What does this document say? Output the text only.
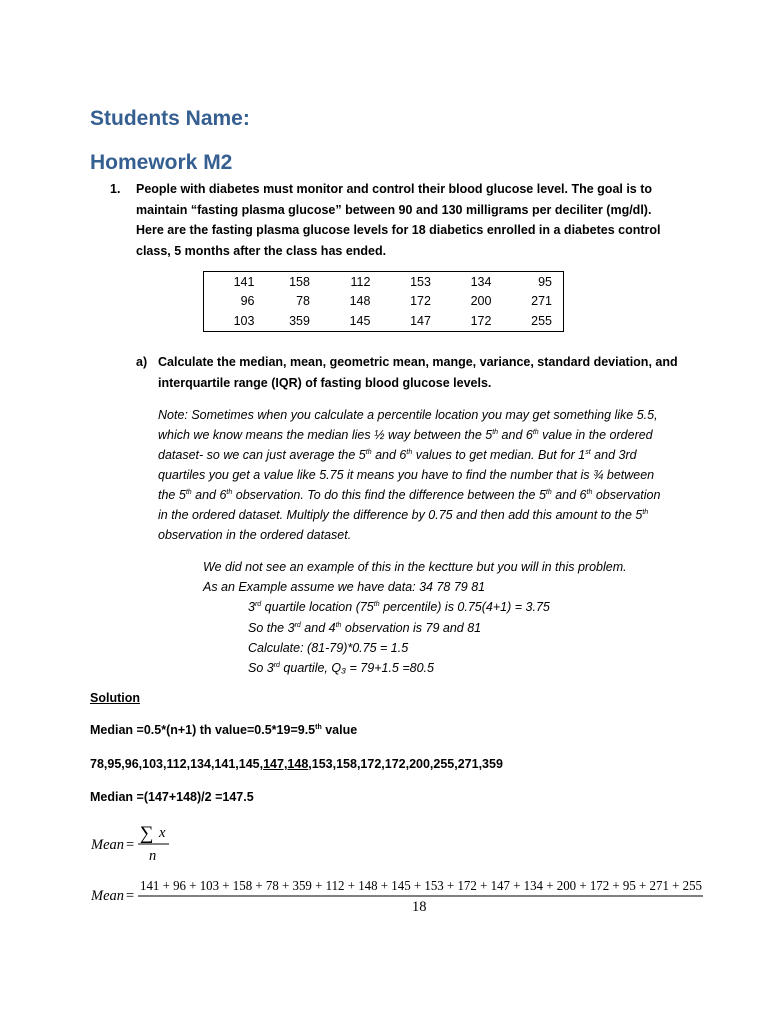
Students Name:
Homework M2
1. People with diabetes must monitor and control their blood glucose level. The goal is to maintain “fasting plasma glucose” between 90 and 130 milligrams per deciliter (mg/dl). Here are the fasting plasma glucose levels for 18 diabetics enrolled in a diabetes control class, 5 months after the class has ended.
141	158	112	153	134	95
96	78	148	172	200	271
103	359	145	147	172	255
a) Calculate the median, mean, geometric mean, mange, variance, standard deviation, and interquartile range (IQR) of fasting blood glucose levels.
Note: Sometimes when you calculate a percentile location you may get something like 5.5,
which we know means the median lies ½ way between the 5th and 6th value in the ordered
dataset- so we can just average the 5th and 6th values to get median. But for 1st and 3rd
quartiles you get a value like 5.75 it means you have to find the number that is ¾ between
the 5th and 6th observation. To do this find the difference between the 5th and 6th observation
in the ordered dataset. Multiply the difference by 0.75 and then add this amount to the 5th
observation in the ordered dataset.
We did not see an example of this in the kectture but you will in this problem.
As an Example assume we have data: 34 78 79 81
3rd quartile location (75th percentile) is 0.75(4+1) = 3.75
So the 3rd and 4th observation is 79 and 81
Calculate: (81-79)*0.75 = 1.5
So 3rd quartile, Q₃ = 79+1.5 =80.5
Solution
Median =0.5*(n+1) th value=0.5*19=9.5th value
78,95,96,103,112,134,141,145,147,148,153,158,172,172,200,255,271,359
Median =(147+148)/2 =147.5
Mean =
∑ x
n
Mean =
141 + 96 + 103 + 158 + 78 + 359 + 112 + 148 + 145 + 153 + 172 + 147 + 134 + 200 + 172 + 95 + 271 + 255
18
